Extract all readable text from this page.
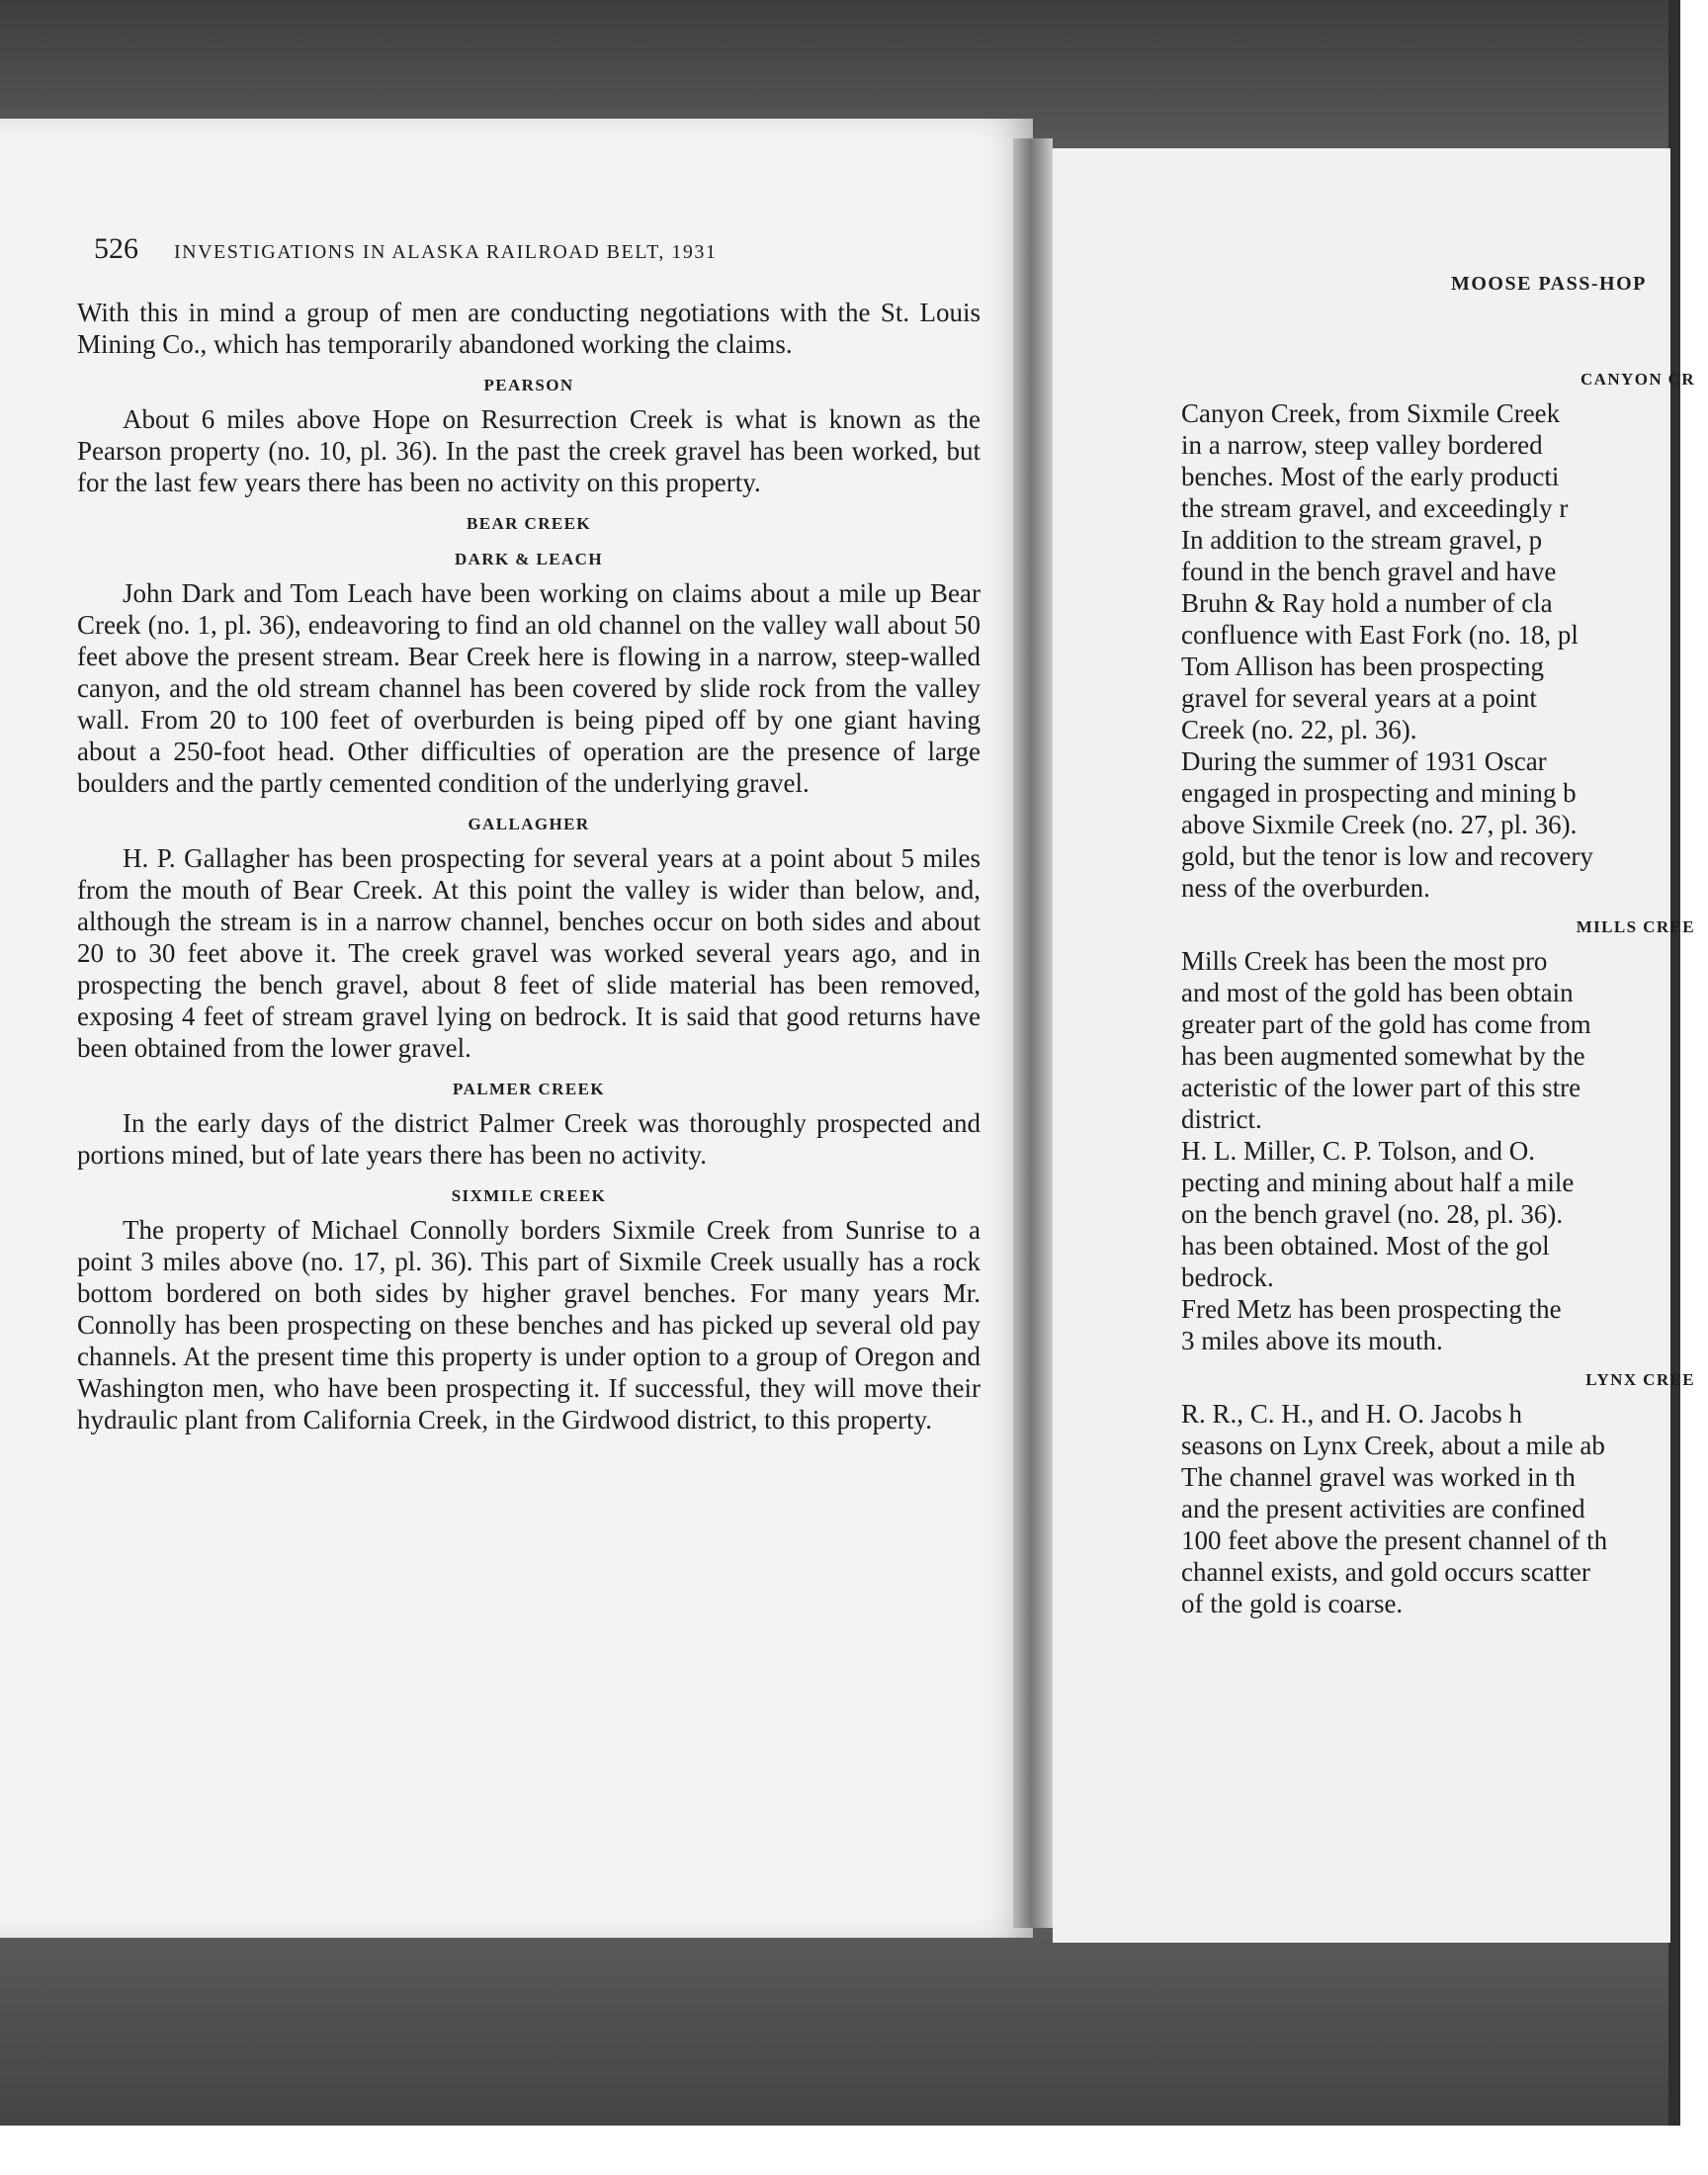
526 INVESTIGATIONS IN ALASKA RAILROAD BELT, 1931

With this in mind a group of men are conducting negotiations with the St. Louis Mining Co., which has temporarily abandoned working the claims.

PEARSON

About 6 miles above Hope on Resurrection Creek is what is known as the Pearson property (no. 10, pl. 36). In the past the creek gravel has been worked, but for the last few years there has been no activity on this property.

BEAR CREEK
DARK & LEACH

John Dark and Tom Leach have been working on claims about a mile up Bear Creek (no. 1, pl. 36), endeavoring to find an old channel on the valley wall about 50 feet above the present stream. Bear Creek here is flowing in a narrow, steep-walled canyon, and the old stream channel has been covered by slide rock from the valley wall. From 20 to 100 feet of overburden is being piped off by one giant having about a 250-foot head. Other difficulties of operation are the presence of large boulders and the partly cemented condition of the underlying gravel.

GALLAGHER

H. P. Gallagher has been prospecting for several years at a point about 5 miles from the mouth of Bear Creek. At this point the valley is wider than below, and, although the stream is in a narrow channel, benches occur on both sides and about 20 to 30 feet above it. The creek gravel was worked several years ago, and in prospecting the bench gravel, about 8 feet of slide material has been removed, exposing 4 feet of stream gravel lying on bedrock. It is said that good returns have been obtained from the lower gravel.

PALMER CREEK

In the early days of the district Palmer Creek was thoroughly prospected and portions mined, but of late years there has been no activity.

SIXMILE CREEK

The property of Michael Connolly borders Sixmile Creek from Sunrise to a point 3 miles above (no. 17, pl. 36). This part of Sixmile Creek usually has a rock bottom bordered on both sides by higher gravel benches. For many years Mr. Connolly has been prospecting on these benches and has picked up several old pay channels. At the present time this property is under option to a group of Oregon and Washington men, who have been prospecting it. If successful, they will move their hydraulic plant from California Creek, in the Girdwood district, to this property.

MOOSE PASS-HOP
CANYON CR

Canyon Creek, from Sixmile Creek

in a narrow, steep valley bordered

benches. Most of the early producti

the stream gravel, and exceedingly r

In addition to the stream gravel, p

found in the bench gravel and have

Bruhn & Ray hold a number of cla

confluence with East Fork (no. 18, pl

Tom Allison has been prospecting

gravel for several years at a point

Creek (no. 22, pl. 36).

During the summer of 1931 Oscar

engaged in prospecting and mining b

above Sixmile Creek (no. 27, pl. 36).

gold, but the tenor is low and recovery

ness of the overburden.

MILLS CREE

Mills Creek has been the most pro

and most of the gold has been obtain

greater part of the gold has come from

has been augmented somewhat by the

acteristic of the lower part of this stre

district.

H. L. Miller, C. P. Tolson, and O.

pecting and mining about half a mile

on the bench gravel (no. 28, pl. 36).

has been obtained. Most of the gol

bedrock.

Fred Metz has been prospecting the

3 miles above its mouth.

LYNX CREE

R. R., C. H., and H. O. Jacobs h

seasons on Lynx Creek, about a mile ab

The channel gravel was worked in th

and the present activities are confined

100 feet above the present channel of th

channel exists, and gold occurs scatter

of the gold is coarse.
